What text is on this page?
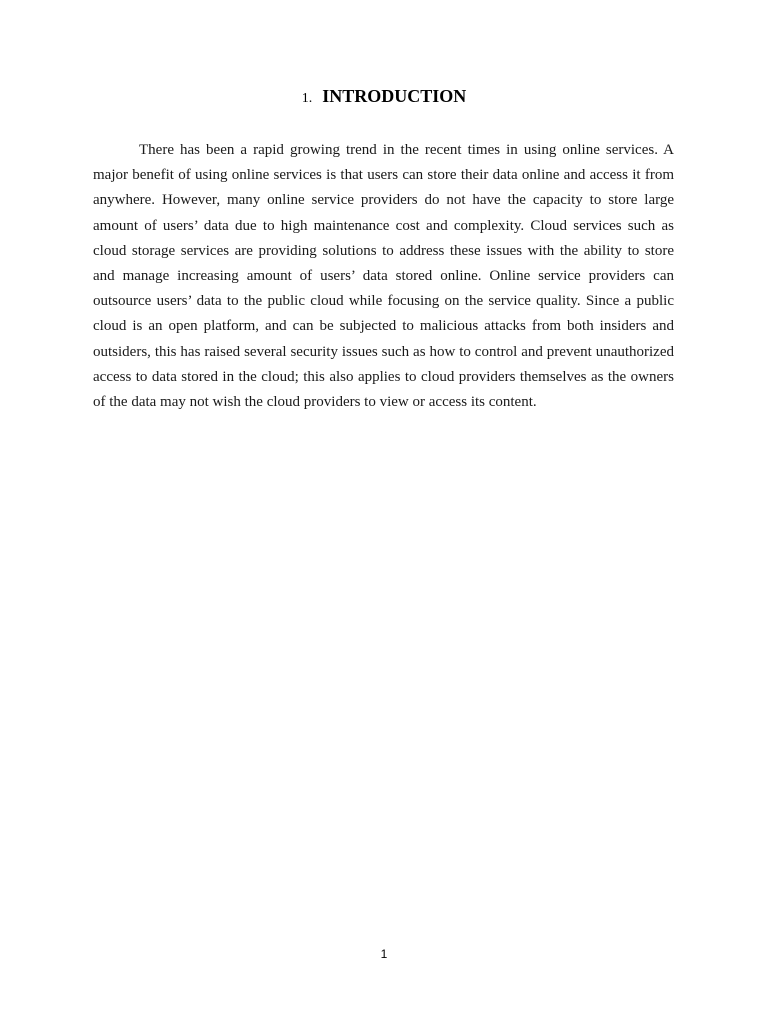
1. INTRODUCTION

There has been a rapid growing trend in the recent times in using online services. A major benefit of using online services is that users can store their data online and access it from anywhere. However, many online service providers do not have the capacity to store large amount of users’ data due to high maintenance cost and complexity. Cloud services such as cloud storage services are providing solutions to address these issues with the ability to store and manage increasing amount of users’ data stored online. Online service providers can outsource users’ data to the public cloud while focusing on the service quality. Since a public cloud is an open platform, and can be subjected to malicious attacks from both insiders and outsiders, this has raised several security issues such as how to control and prevent unauthorized access to data stored in the cloud; this also applies to cloud providers themselves as the owners of the data may not wish the cloud providers to view or access its content.

1
